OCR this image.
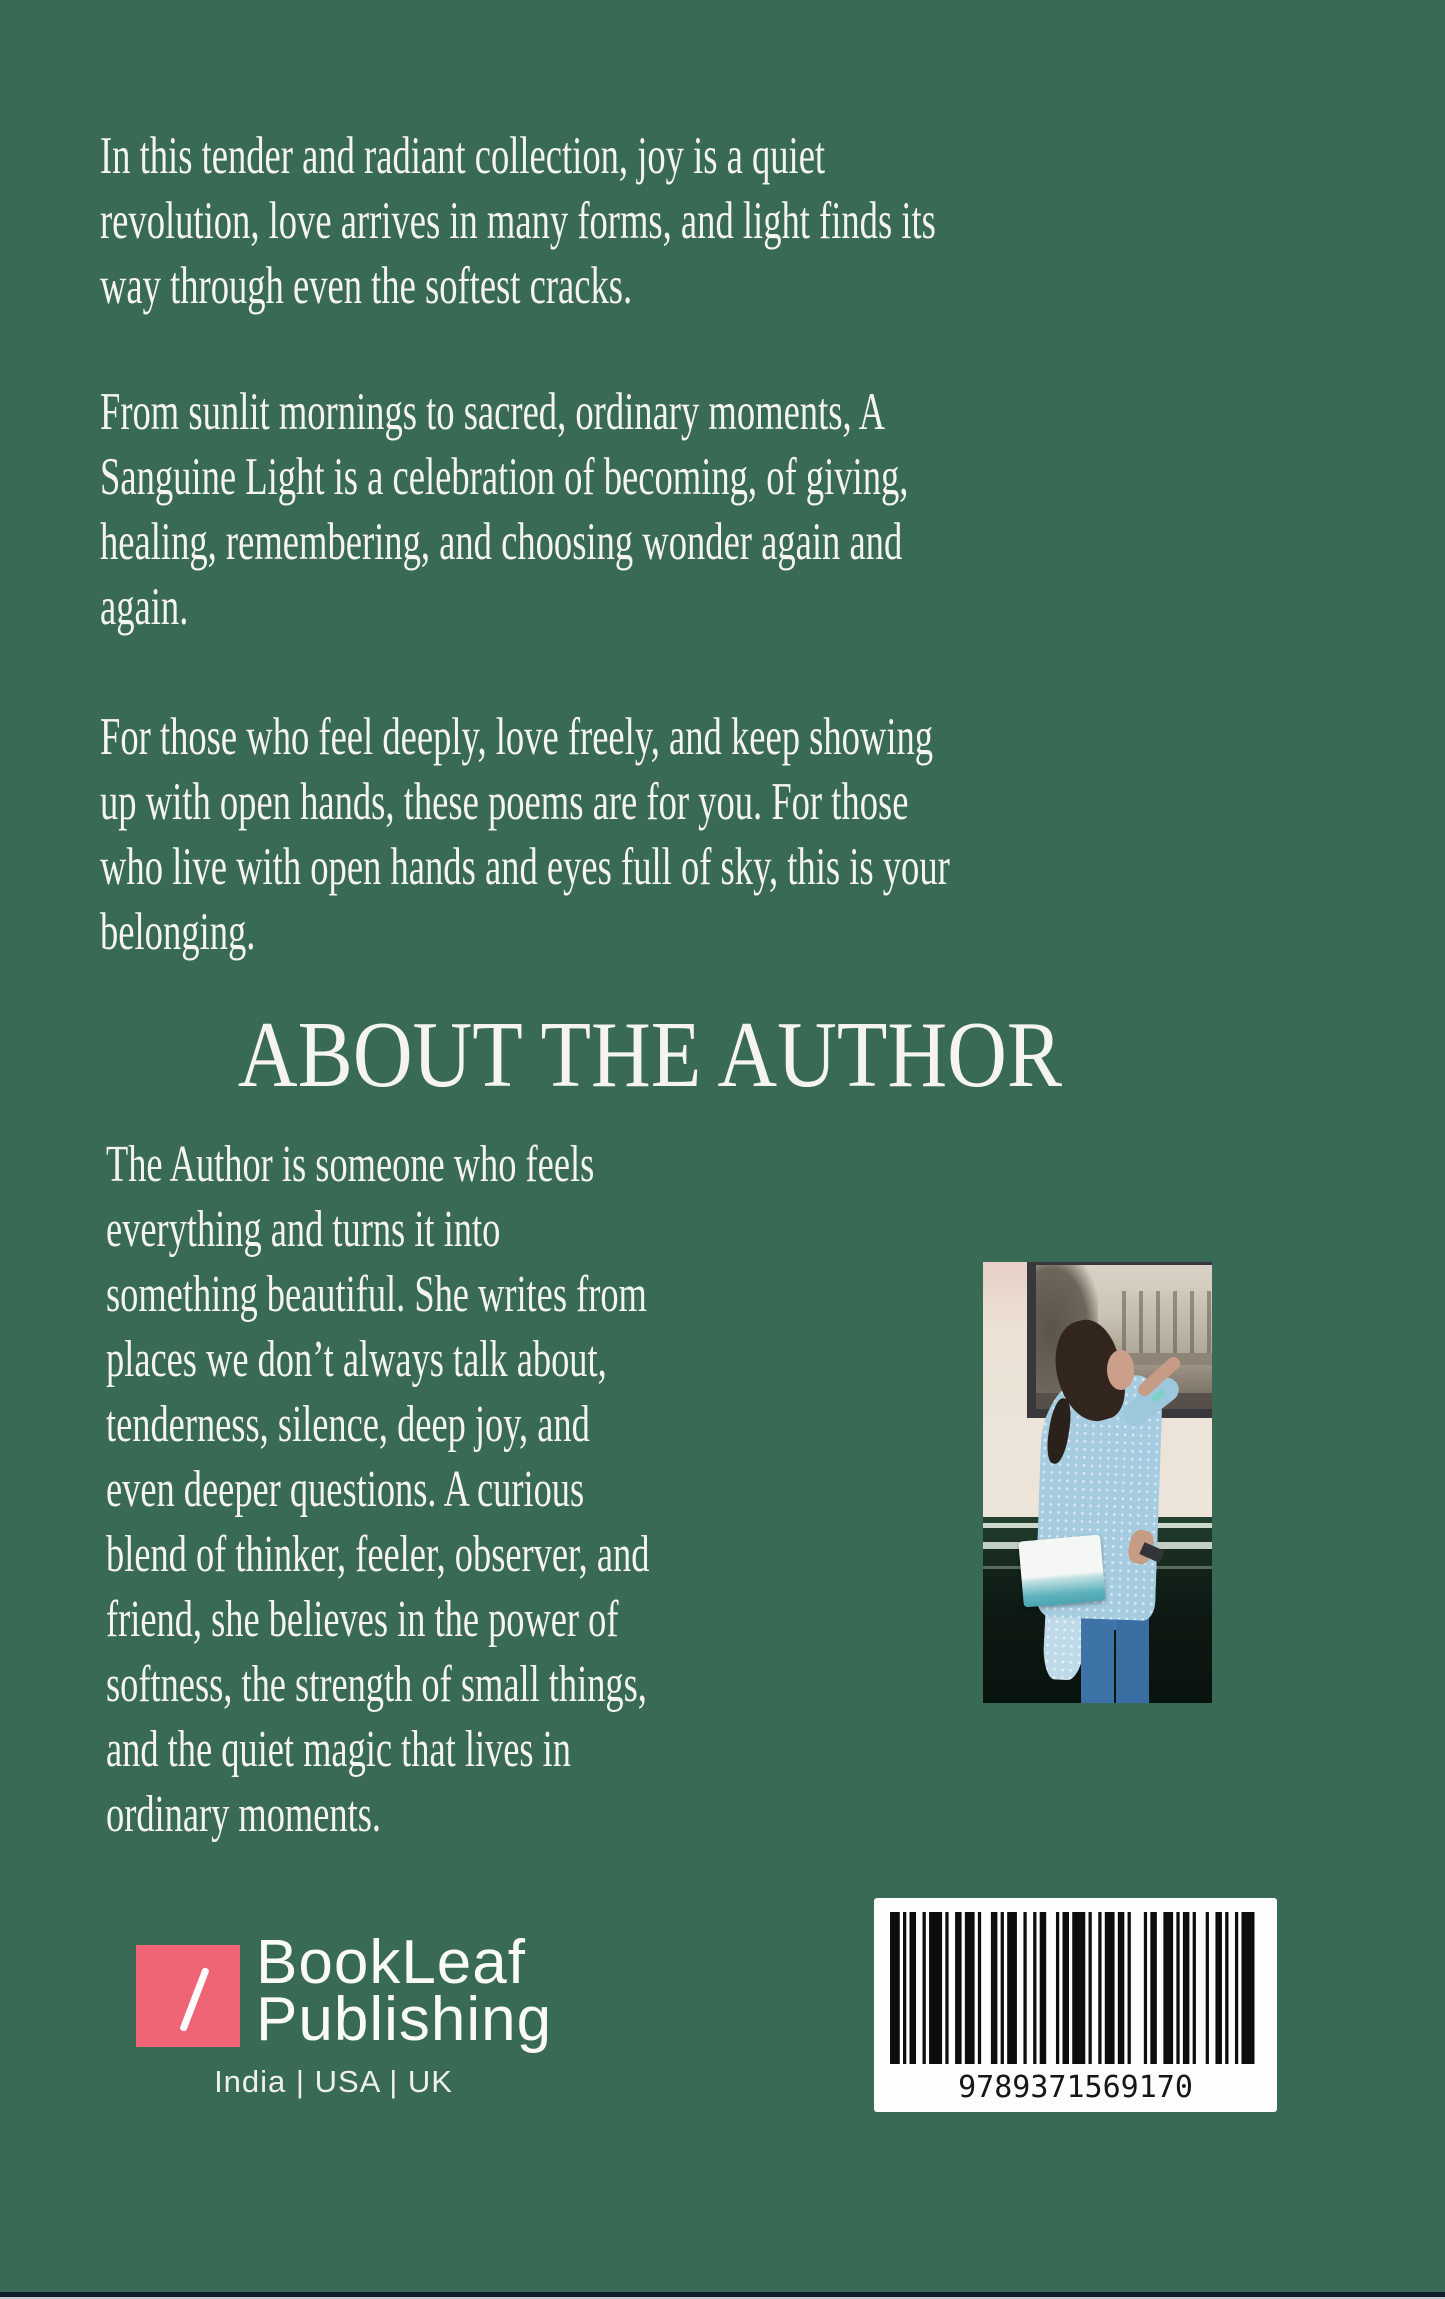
In this tender and radiant collection, joy is a quiet
revolution, love arrives in many forms, and light finds its
way through even the softest cracks.
From sunlit mornings to sacred, ordinary moments, A
Sanguine Light is a celebration of becoming, of giving,
healing, remembering, and choosing wonder again and
again.
For those who feel deeply, love freely, and keep showing
up with open hands, these poems are for you. For those
who live with open hands and eyes full of sky, this is your
belonging.
ABOUT THE AUTHOR
The Author is someone who feels
everything and turns it into
something beautiful. She writes from
places we don’t always talk about,
tenderness, silence, deep joy, and
even deeper questions. A curious
blend of thinker, feeler, observer, and
friend, she believes in the power of
softness, the strength of small things,
and the quiet magic that lives in
ordinary moments.
BookLeaf
Publishing
India | USA | UK	9789371569170
